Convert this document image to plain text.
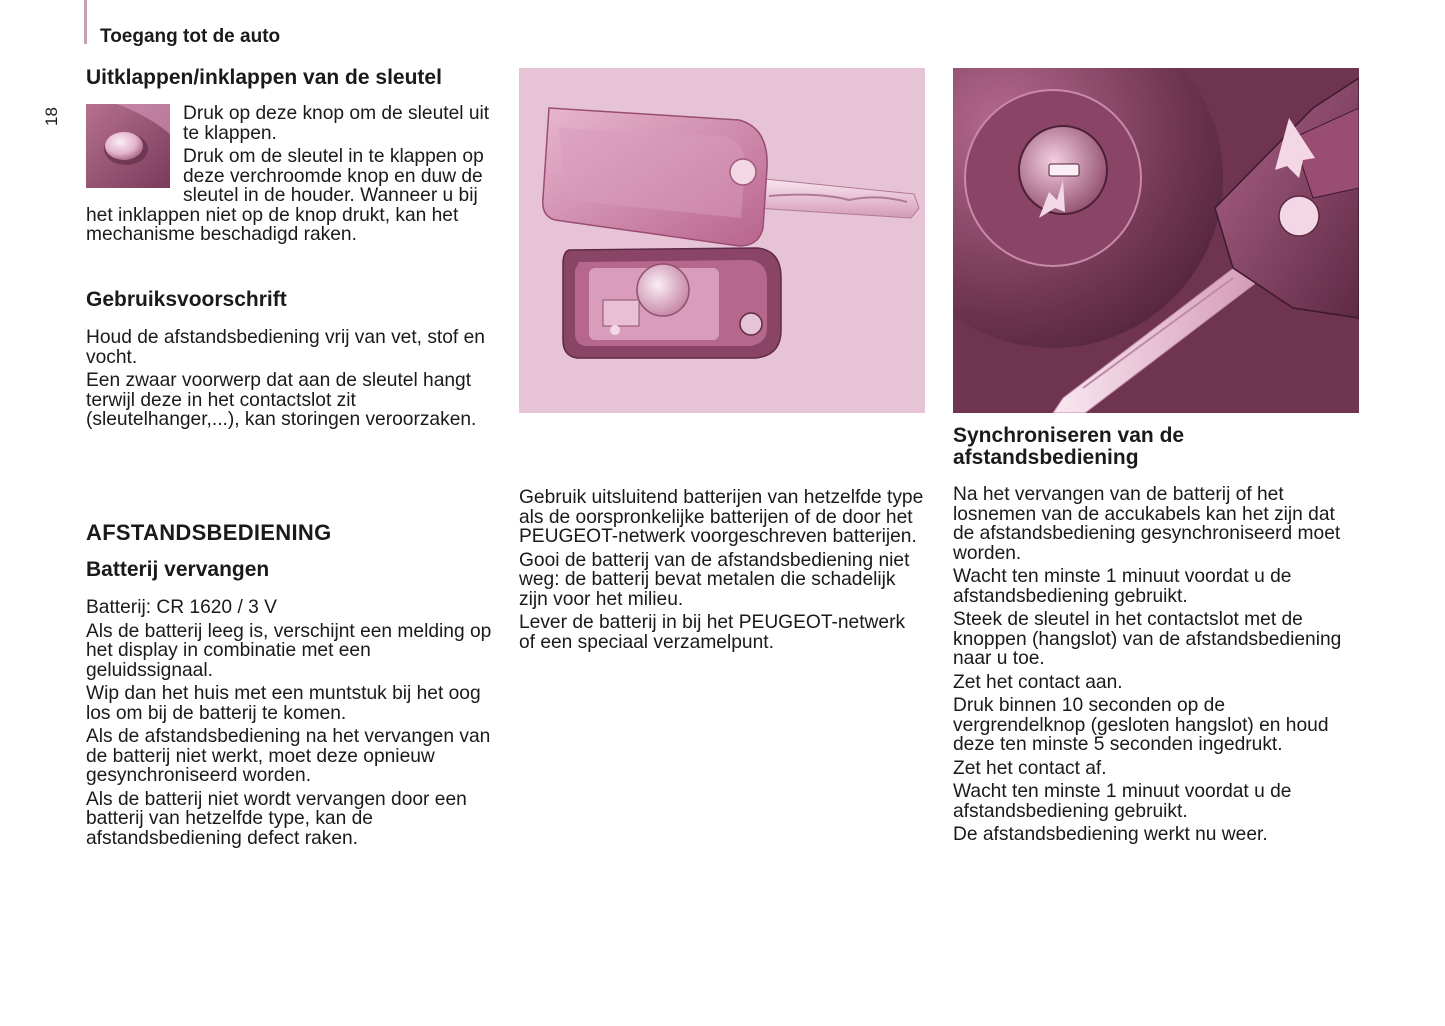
Toegang tot de auto
18
Uitklappen/inklappen van de sleutel

Druk op deze knop om de sleutel uit te klappen.

Druk om de sleutel in te klappen op deze verchroomde knop en duw de sleutel in de houder. Wanneer u bij het inklappen niet op de knop drukt, kan het mechanisme beschadigd raken.

Gebruiksvoorschrift

Houd de afstandsbediening vrij van vet, stof en vocht.

Een zwaar voorwerp dat aan de sleutel hangt terwijl deze in het contactslot zit (sleutelhanger,...), kan storingen veroorzaken.

AFSTANDSBEDIENING
Batterij vervangen

Batterij: CR 1620 / 3 V

Als de batterij leeg is, verschijnt een melding op het display in combinatie met een geluidssignaal.

Wip dan het huis met een muntstuk bij het oog los om bij de batterij te komen.

Als de afstandsbediening na het vervangen van de batterij niet werkt, moet deze opnieuw gesynchroniseerd worden.

Als de batterij niet wordt vervangen door een batterij van hetzelfde type, kan de afstandsbediening defect raken.

Gebruik uitsluitend batterijen van hetzelfde type als de oorspronkelijke batterijen of de door het PEUGEOT-netwerk voorgeschreven batterijen.

Gooi de batterij van de afstandsbediening niet weg: de batterij bevat metalen die schadelijk zijn voor het milieu.

Lever de batterij in bij het PEUGEOT-netwerk of een speciaal verzamelpunt.

Synchroniseren van de afstandsbediening

Na het vervangen van de batterij of het losnemen van de accukabels kan het zijn dat de afstandsbediening gesynchroniseerd moet worden.

Wacht ten minste 1 minuut voordat u de afstandsbediening gebruikt.

Steek de sleutel in het contactslot met de knoppen (hangslot) van de afstandsbediening naar u toe.

Zet het contact aan.

Druk binnen 10 seconden op de vergrendelknop (gesloten hangslot) en houd deze ten minste 5 seconden ingedrukt.

Zet het contact af.

Wacht ten minste 1 minuut voordat u de afstandsbediening gebruikt.

De afstandsbediening werkt nu weer.
